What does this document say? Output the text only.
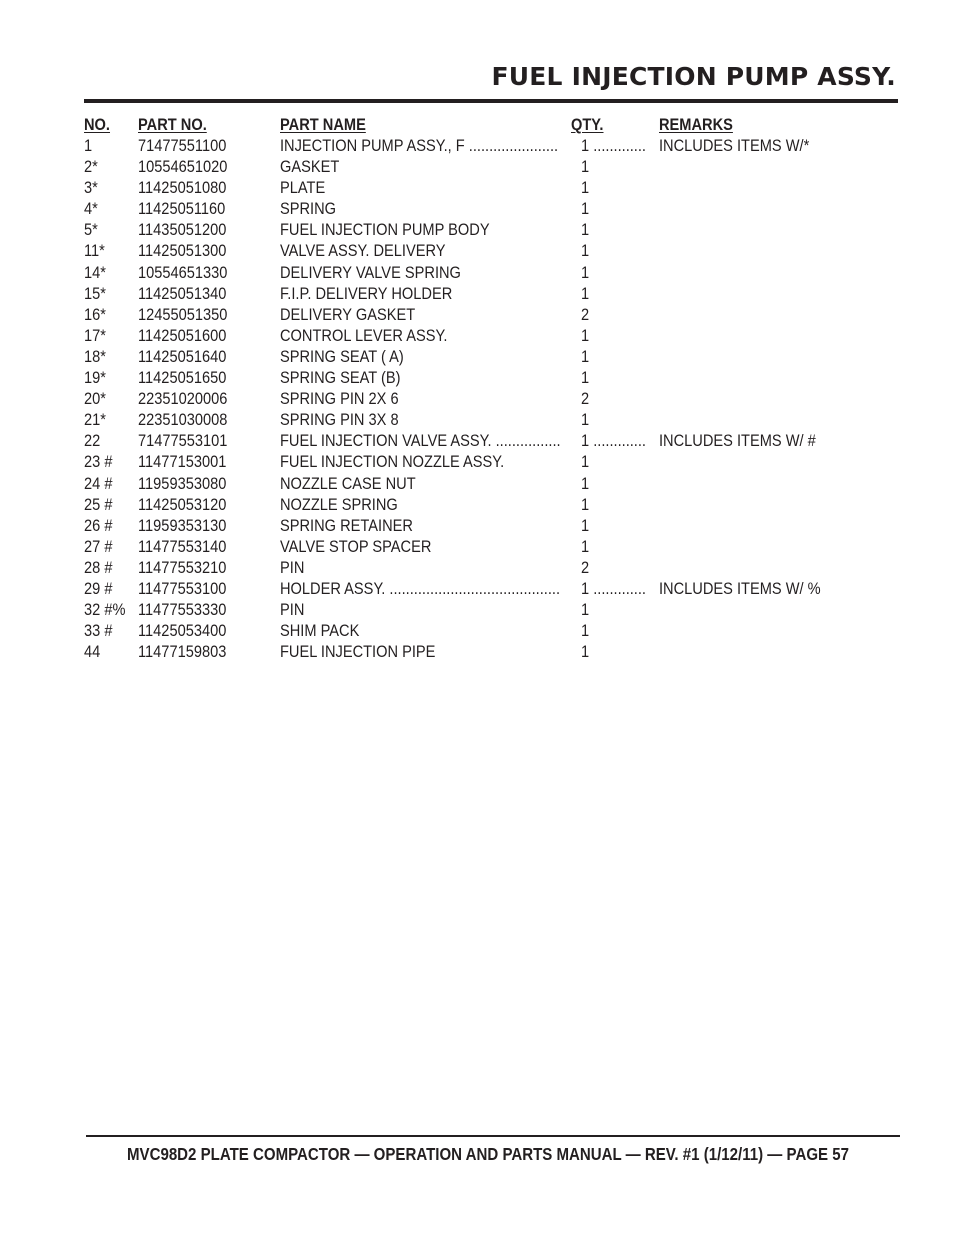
FUEL INJECTION PUMP ASSY.
NO. PART NO.	PART NAME	QTY.	REMARKS
1	71477551100	INJECTION PUMP ASSY., F ...................... 1 ............. INCLUDES ITEMS W/*
2* 10554651020	GASKET	1
3* 11425051080	PLATE	1
4* 11425051160	SPRING	1
5* 11435051200	FUEL INJECTION PUMP BODY	1
11* 11425051300	VALVE ASSY. DELIVERY	1
14* 10554651330	DELIVERY VALVE SPRING	1
15* 11425051340	F.I.P. DELIVERY HOLDER	1
16* 12455051350	DELIVERY GASKET	2
17* 11425051600	CONTROL LEVER ASSY.	1
18* 11425051640	SPRING SEAT ( A)	1
19* 11425051650	SPRING SEAT (B)	1
20* 22351020006	SPRING PIN 2X 6	2
21* 22351030008	SPRING PIN 3X 8	1
22 71477553101	FUEL INJECTION VALVE ASSY. ................ 1 ............. INCLUDES ITEMS W/ #
23 # 11477153001	FUEL INJECTION NOZZLE ASSY.	1
24 # 11959353080	NOZZLE CASE NUT	1
25 # 11425053120	NOZZLE SPRING	1
26 # 11959353130	SPRING RETAINER	1
27 # 11477553140	VALVE STOP SPACER	1
28 # 11477553210	PIN	2
29 # 11477553100	HOLDER ASSY. .......................................... 1 ............. INCLUDES ITEMS W/ %
32 #% 11477553330	PIN	1
33 # 11425053400	SHIM PACK	1
44 11477159803	FUEL INJECTION PIPE	1
MVC98D2 PLATE COMPACTOR — OPERATION AND PARTS MANUAL — REV. #1 (1/12/11) — PAGE 57
